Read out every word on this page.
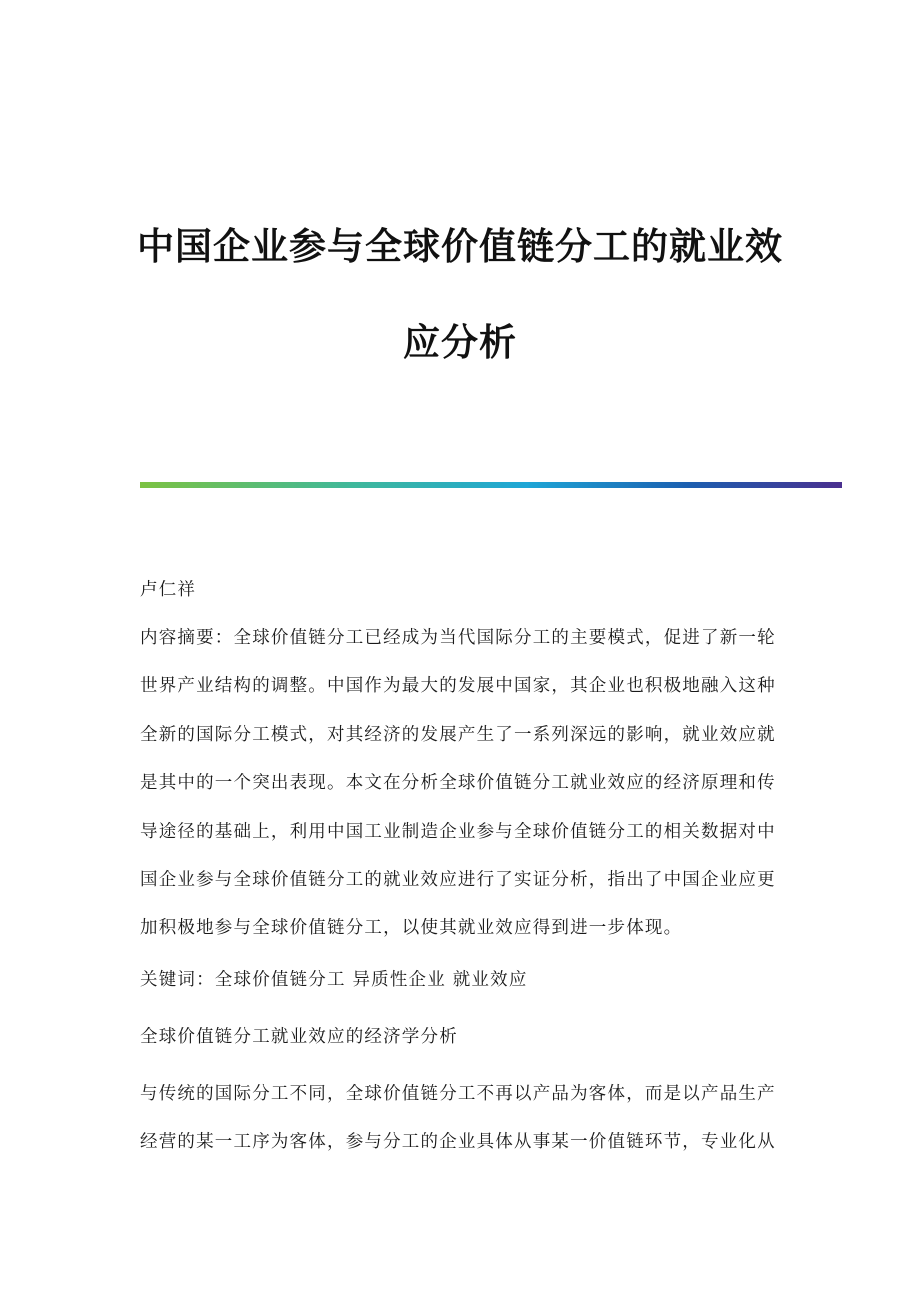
中国企业参与全球价值链分工的就业效
应分析

卢仁祥

内容摘要：全球价值链分工已经成为当代国际分工的主要模式，促进了新一轮
世界产业结构的调整。中国作为最大的发展中国家，其企业也积极地融入这种
全新的国际分工模式，对其经济的发展产生了一系列深远的影响，就业效应就
是其中的一个突出表现。本文在分析全球价值链分工就业效应的经济原理和传
导途径的基础上，利用中国工业制造企业参与全球价值链分工的相关数据对中
国企业参与全球价值链分工的就业效应进行了实证分析，指出了中国企业应更
加积极地参与全球价值链分工，以使其就业效应得到进一步体现。

关键词：全球价值链分工 异质性企业 就业效应

全球价值链分工就业效应的经济学分析

与传统的国际分工不同，全球价值链分工不再以产品为客体，而是以产品生产
经营的某一工序为客体，参与分工的企业具体从事某一价值链环节，专业化从
